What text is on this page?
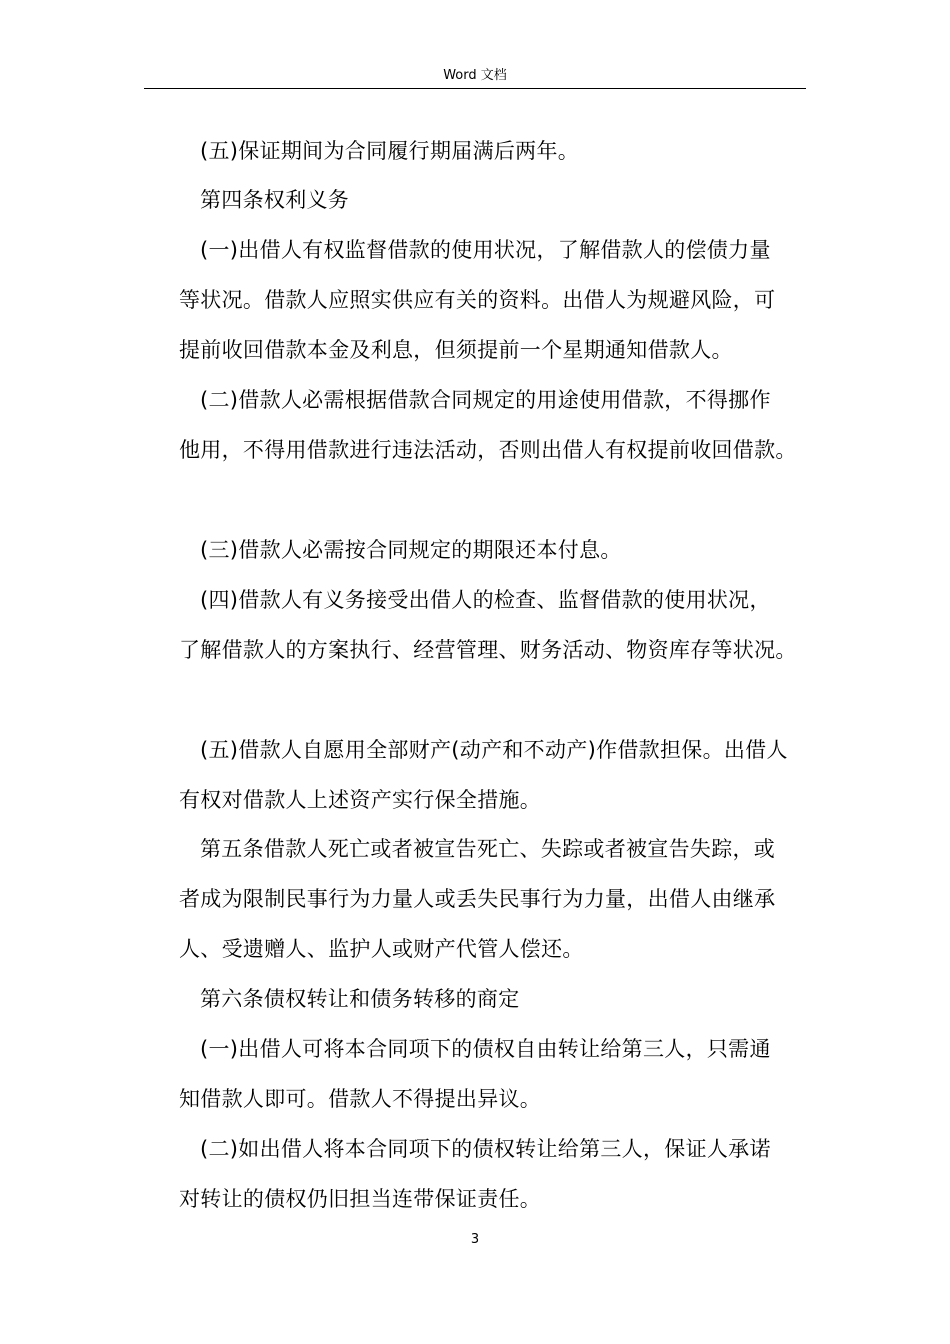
Word 文档
(五)保证期间为合同履行期届满后两年。
第四条权利义务
(一)出借人有权监督借款的使用状况，了解借款人的偿债力量
等状况。借款人应照实供应有关的资料。出借人为规避风险，可
提前收回借款本金及利息，但须提前一个星期通知借款人。
(二)借款人必需根据借款合同规定的用途使用借款，不得挪作
他用，不得用借款进行违法活动，否则出借人有权提前收回借款。
(三)借款人必需按合同规定的期限还本付息。
(四)借款人有义务接受出借人的检查、监督借款的使用状况，
了解借款人的方案执行、经营管理、财务活动、物资库存等状况。
(五)借款人自愿用全部财产(动产和不动产)作借款担保。出借人
有权对借款人上述资产实行保全措施。
第五条借款人死亡或者被宣告死亡、失踪或者被宣告失踪，或
者成为限制民事行为力量人或丢失民事行为力量，出借人由继承
人、受遗赠人、监护人或财产代管人偿还。
第六条债权转让和债务转移的商定
(一)出借人可将本合同项下的债权自由转让给第三人，只需通
知借款人即可。借款人不得提出异议。
(二)如出借人将本合同项下的债权转让给第三人，保证人承诺
对转让的债权仍旧担当连带保证责任。
3
